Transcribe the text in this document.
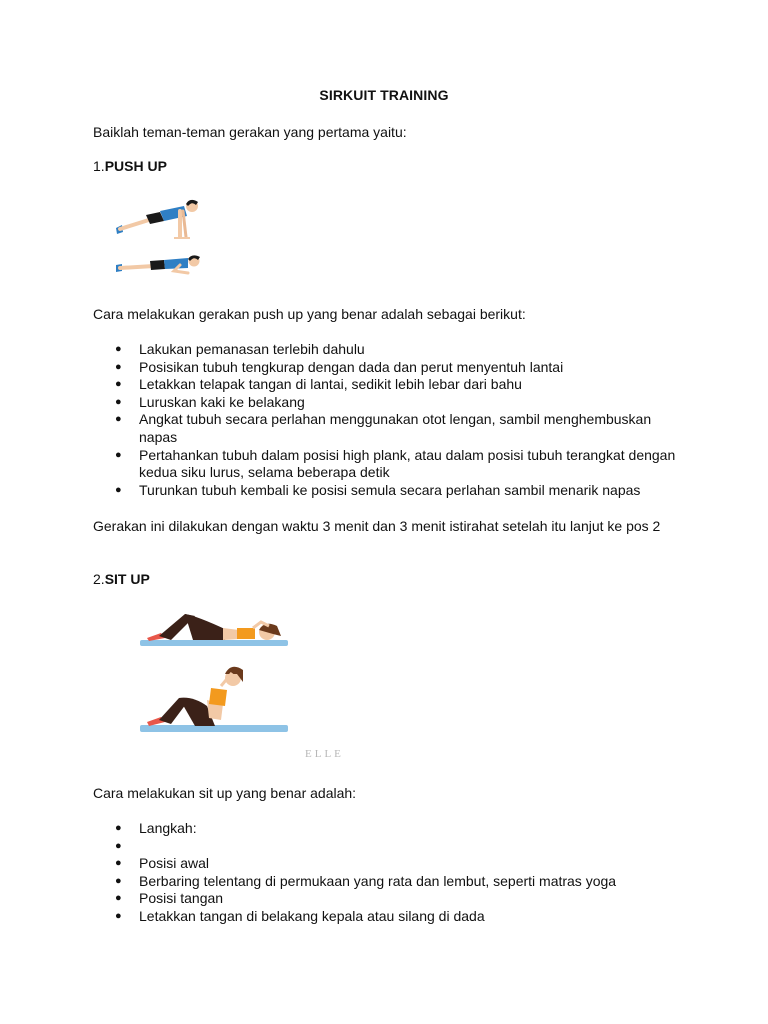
SIRKUIT TRAINING
Baiklah teman-teman gerakan yang pertama yaitu:
1.PUSH UP
Cara melakukan gerakan push up yang benar adalah sebagai berikut:
● Lakukan pemanasan terlebih dahulu
● Posisikan tubuh tengkurap dengan dada dan perut menyentuh lantai
● Letakkan telapak tangan di lantai, sedikit lebih lebar dari bahu
● Luruskan kaki ke belakang
● Angkat tubuh secara perlahan menggunakan otot lengan, sambil menghembuskan napas
● Pertahankan tubuh dalam posisi high plank, atau dalam posisi tubuh terangkat dengan kedua siku lurus, selama beberapa detik
● Turunkan tubuh kembali ke posisi semula secara perlahan sambil menarik napas
Gerakan ini dilakukan dengan waktu 3 menit dan 3 menit istirahat setelah itu lanjut ke pos 2
2.SIT UP
ELLE
Cara melakukan sit up yang benar adalah:
● Langkah:
●
● Posisi awal
● Berbaring telentang di permukaan yang rata dan lembut, seperti matras yoga
● Posisi tangan
● Letakkan tangan di belakang kepala atau silang di dada
